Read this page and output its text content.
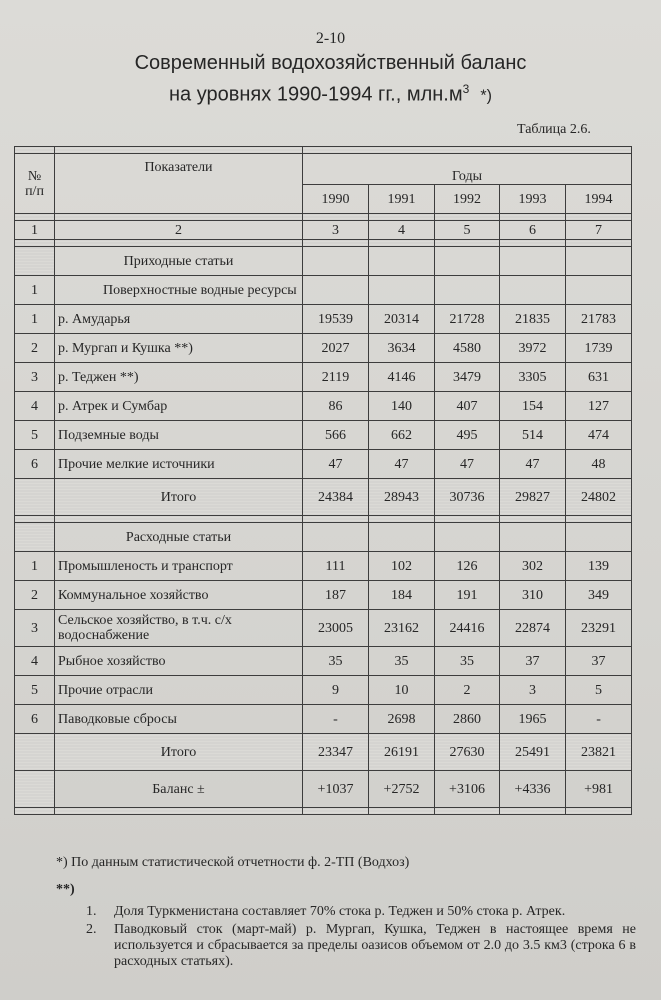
2-10
Современный водохозяйственный баланс
на уровнях 1990-1994 гг., $млн.м^3$ *)
Таблица 2.6.

№
п/п	Показатели	Годы				
		1990	1991	1992	1993	1994

1	2	3	4	5	6	7

	Приходные статьи					
1	Поверхностные водные ресурсы					
1	р. Амударья	19539	20314	21728	21835	21783
2	р. Мургап и Кушка **)	2027	3634	4580	3972	1739
3	р. Теджен **)	2119	4146	3479	3305	631
4	р. Атрек и Сумбар	86	140	407	154	127
5	Подземные воды	566	662	495	514	474
6	Прочие мелкие источники	47	47	47	47	48
	Итого	24384	28943	30736	29827	24802

	Расходные статьи					
1	Промышленость и транспорт	111	102	126	302	139
2	Коммунальное хозяйство	187	184	191	310	349
3	Сельское хозяйство, в т.ч. с/х водоснабжение	23005	23162	24416	22874	23291
4	Рыбное хозяйство	35	35	35	37	37
5	Прочие отрасли	9	10	2	3	5
6	Паводковые сбросы	-	2698	2860	1965	-
	Итого	23347	26191	27630	25491	23821
	Баланс ±	+1037	+2752	+3106	+4336	+981

*) По данным статистической отчетности ф. 2-ТП (Водхоз)
**)
1.	Доля Туркменистана составляет 70% стока р. Теджен и 50% стока р. Атрек.
2.	Паводковый сток (март-май) р. Мургап, Кушка, Теджен в настоящее время не используется и сбрасывается за пределы оазисов объемом от 2.0 до 3.5 км3 (строка 6 в расходных статьях).
